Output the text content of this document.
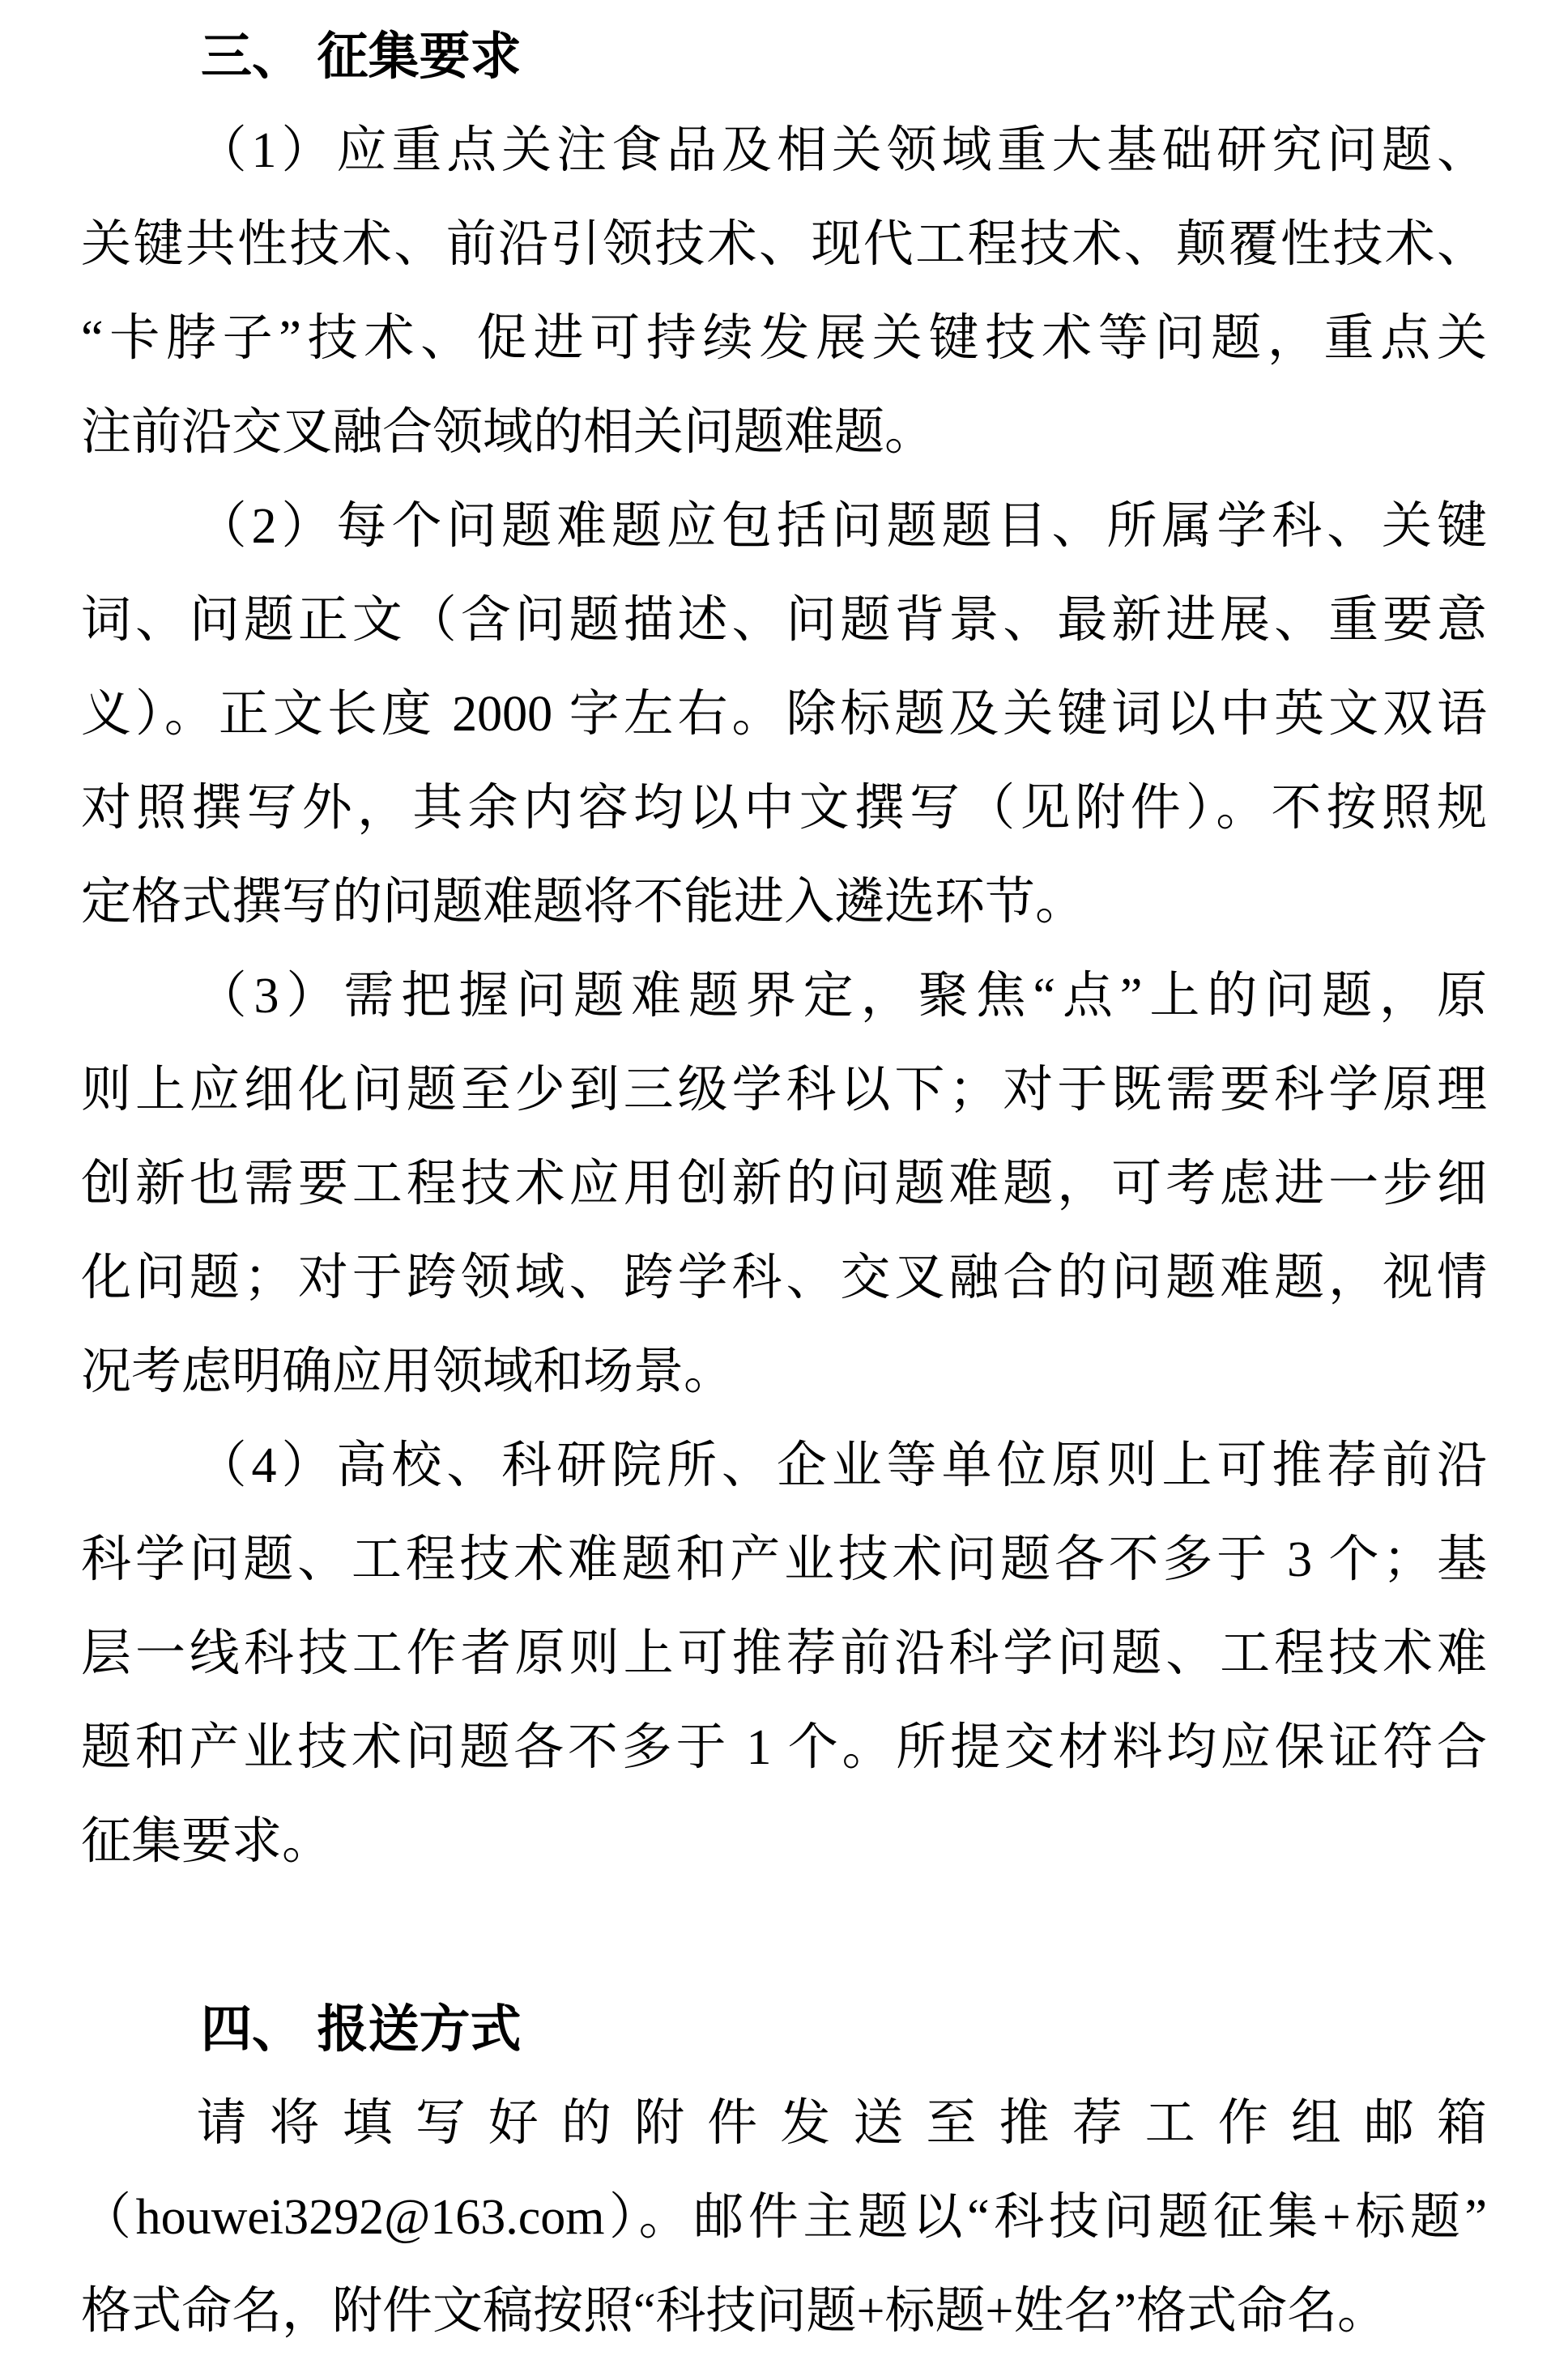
三、 征集要求
（1）应重点关注食品及相关领域重大基础研究问题、
关键共性技术、前沿引领技术、现代工程技术、颠覆性技术、
“卡脖子”技术、促进可持续发展关键技术等问题，重点关
注前沿交叉融合领域的相关问题难题。
（2）每个问题难题应包括问题题目、所属学科、关键
词、问题正文（含问题描述、问题背景、最新进展、重要意
义）。正文长度 2000 字左右。除标题及关键词以中英文双语
对照撰写外，其余内容均以中文撰写（见附件）。不按照规
定格式撰写的问题难题将不能进入遴选环节。
（3）需把握问题难题界定，聚焦“点”上的问题，原
则上应细化问题至少到三级学科以下；对于既需要科学原理
创新也需要工程技术应用创新的问题难题，可考虑进一步细
化问题；对于跨领域、跨学科、交叉融合的问题难题，视情
况考虑明确应用领域和场景。
（4）高校、科研院所、企业等单位原则上可推荐前沿
科学问题、工程技术难题和产业技术问题各不多于 3 个；基
层一线科技工作者原则上可推荐前沿科学问题、工程技术难
题和产业技术问题各不多于 1 个。所提交材料均应保证符合
征集要求。
四、 报送方式
请将填写好的附件发送至推荐工作组邮箱
（houwei3292@163.com）。邮件主题以“科技问题征集+标题”
格式命名，附件文稿按照“科技问题+标题+姓名”格式命名。
